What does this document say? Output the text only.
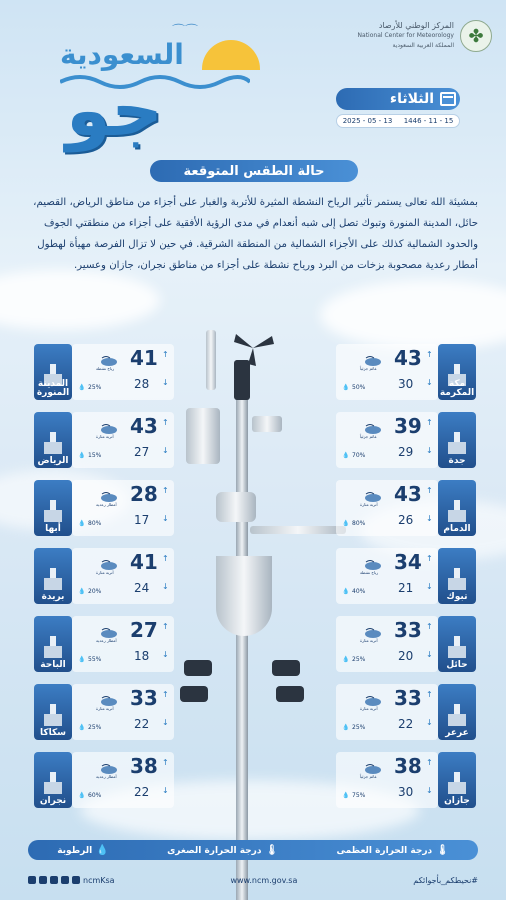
⌒⌒
السعودية
جو
المركز الوطني للأرصاد
National Center for Meteorology
المملكة العربية السعودية ✤
الثلاثاء
2025 - 05 - 13 1446 - 11 - 15
حالة الطقس المتوقعة
بمشيئة الله تعالى يستمر تأثير الرياح النشطة المثيرة للأتربة والغبار على أجزاء من مناطق الرياض، القصيم، حائل، المدينة المنورة وتبوك تصل إلى شبه أنعدام في مدى الرؤية الأفقية على أجزاء من منطقتي الجوف والحدود الشمالية كذلك على الأجزاء الشمالية من المنطقة الشرقية. في حين لا تزال الفرصة مهيأة لهطول أمطار رعدية مصحوبة بزخات من البرد ورياح نشطة على أجزاء من مناطق نجران، جازان وعسير.
المدينة المنورة
41 ↑
28 ↓
رياح نشطة
25%
💧
الرياض
43 ↑
27 ↓
أتربة مثارة
15%
💧
أبها
28 ↑
17 ↓
أمطار رعدية
80%
💧
بريدة
41 ↑
24 ↓
أتربة مثارة
20%
💧
الباحة
27 ↑
18 ↓
أمطار رعدية
55%
💧
سكاكا
33 ↑
22 ↓
أتربة مثارة
25%
💧
نجران
38 ↑
22 ↓
أمطار رعدية
60%
💧
مكة المكرمة
43 ↑
30 ↓
غائم جزئياً
50%
💧
جدة
39 ↑
29 ↓
غائم جزئياً
70%
💧
الدمام
43 ↑
26 ↓
أتربة مثارة
80%
💧
تبوك
34 ↑
21 ↓
رياح نشطة
40%
💧
حائل
33 ↑
20 ↓
أتربة مثارة
25%
💧
عرعر
33 ↑
22 ↓
أتربة مثارة
25%
💧
جازان
38 ↑
30 ↓
غائم جزئياً
75%
💧
🌡درجة الحرارة العظمى
🌡درجة الحرارة الصغرى
💧الرطوبة
ncmKsa	www.ncm.gov.sa	#نحيطكم_بأجوائكم
